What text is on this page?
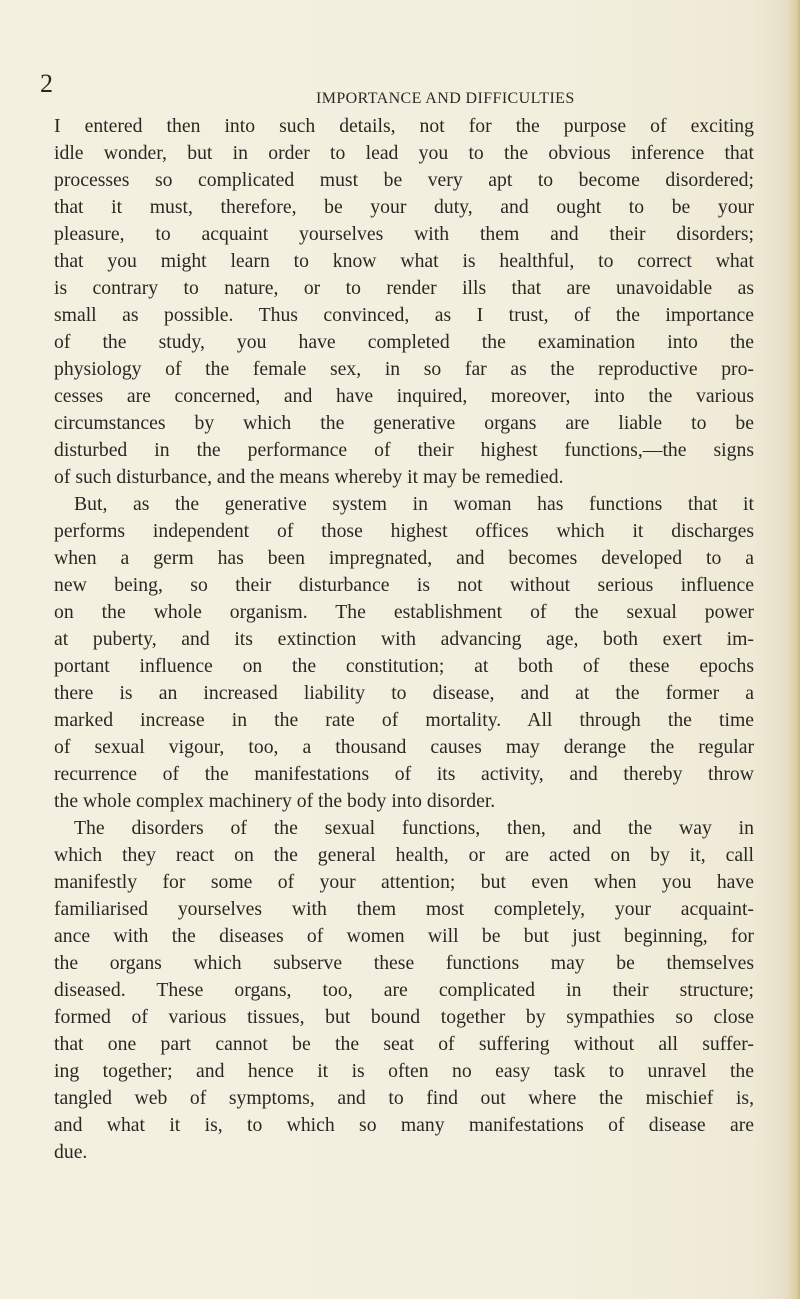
2
IMPORTANCE AND DIFFICULTIES
I entered then into such details, not for the purpose of exciting
idle wonder, but in order to lead you to the obvious inference that
processes so complicated must be very apt to become disordered;
that it must, therefore, be your duty, and ought to be your
pleasure, to acquaint yourselves with them and their disorders;
that you might learn to know what is healthful, to correct what
is contrary to nature, or to render ills that are unavoidable as
small as possible. Thus convinced, as I trust, of the importance
of the study, you have completed the examination into the
physiology of the female sex, in so far as the reproductive pro-
cesses are concerned, and have inquired, moreover, into the various
circumstances by which the generative organs are liable to be
disturbed in the performance of their highest functions,—the signs
of such disturbance, and the means whereby it may be remedied.
But, as the generative system in woman has functions that it
performs independent of those highest offices which it discharges
when a germ has been impregnated, and becomes developed to a
new being, so their disturbance is not without serious influence
on the whole organism. The establishment of the sexual power
at puberty, and its extinction with advancing age, both exert im-
portant influence on the constitution; at both of these epochs
there is an increased liability to disease, and at the former a
marked increase in the rate of mortality. All through the time
of sexual vigour, too, a thousand causes may derange the regular
recurrence of the manifestations of its activity, and thereby throw
the whole complex machinery of the body into disorder.
The disorders of the sexual functions, then, and the way in
which they react on the general health, or are acted on by it, call
manifestly for some of your attention; but even when you have
familiarised yourselves with them most completely, your acquaint-
ance with the diseases of women will be but just beginning, for
the organs which subserve these functions may be themselves
diseased. These organs, too, are complicated in their structure;
formed of various tissues, but bound together by sympathies so close
that one part cannot be the seat of suffering without all suffer-
ing together; and hence it is often no easy task to unravel the
tangled web of symptoms, and to find out where the mischief is,
and what it is, to which so many manifestations of disease are
due.
